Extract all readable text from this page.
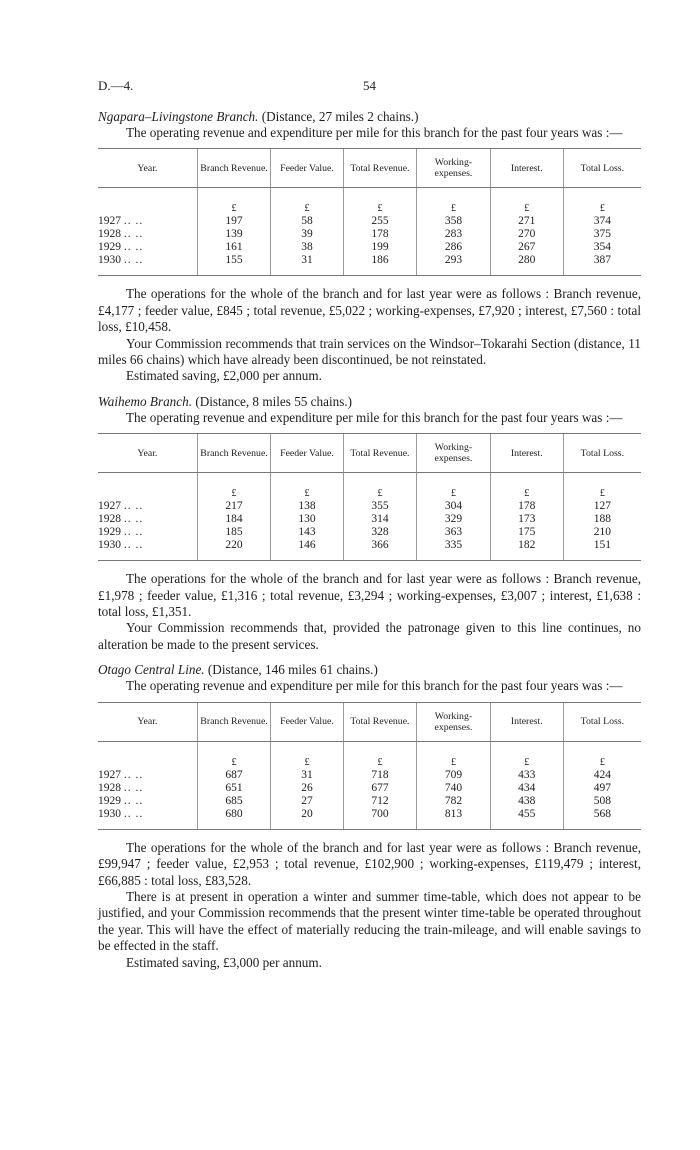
D.—4.	54

Ngapara–Livingstone Branch. (Distance, 27 miles 2 chains.)

The operating revenue and expenditure per mile for this branch for the past four years was :—

Year.	Branch Revenue.	Feeder Value.	Total Revenue.	Working-expenses.	Interest.	Total Loss.
	£	£	£	£	£	£
1927 .. ..	197	58	255	358	271	374
1928 .. ..	139	39	178	283	270	375
1929 .. ..	161	38	199	286	267	354
1930 .. ..	155	31	186	293	280	387

The operations for the whole of the branch and for last year were as follows : Branch revenue, £4,177 ; feeder value, £845 ; total revenue, £5,022 ; working-expenses, £7,920 ; interest, £7,560 : total loss, £10,458.

Your Commission recommends that train services on the Windsor–Tokarahi Section (distance, 11 miles 66 chains) which have already been discontinued, be not reinstated.

Estimated saving, £2,000 per annum.

Waihemo Branch. (Distance, 8 miles 55 chains.)

The operating revenue and expenditure per mile for this branch for the past four years was :—

Year.	Branch Revenue.	Feeder Value.	Total Revenue.	Working-expenses.	Interest.	Total Loss.
	£	£	£	£	£	£
1927 .. ..	217	138	355	304	178	127
1928 .. ..	184	130	314	329	173	188
1929 .. ..	185	143	328	363	175	210
1930 .. ..	220	146	366	335	182	151

The operations for the whole of the branch and for last year were as follows : Branch revenue, £1,978 ; feeder value, £1,316 ; total revenue, £3,294 ; working-expenses, £3,007 ; interest, £1,638 : total loss, £1,351.

Your Commission recommends that, provided the patronage given to this line continues, no alteration be made to the present services.

Otago Central Line. (Distance, 146 miles 61 chains.)

The operating revenue and expenditure per mile for this branch for the past four years was :—

Year.	Branch Revenue.	Feeder Value.	Total Revenue.	Working-expenses.	Interest.	Total Loss.
	£	£	£	£	£	£
1927 .. ..	687	31	718	709	433	424
1928 .. ..	651	26	677	740	434	497
1929 .. ..	685	27	712	782	438	508
1930 .. ..	680	20	700	813	455	568

The operations for the whole of the branch and for last year were as follows : Branch revenue, £99,947 ; feeder value, £2,953 ; total revenue, £102,900 ; working-expenses, £119,479 ; interest, £66,885 : total loss, £83,528.

There is at present in operation a winter and summer time-table, which does not appear to be justified, and your Commission recommends that the present winter time-table be operated throughout the year. This will have the effect of materially reducing the train-mileage, and will enable savings to be effected in the staff.

Estimated saving, £3,000 per annum.
